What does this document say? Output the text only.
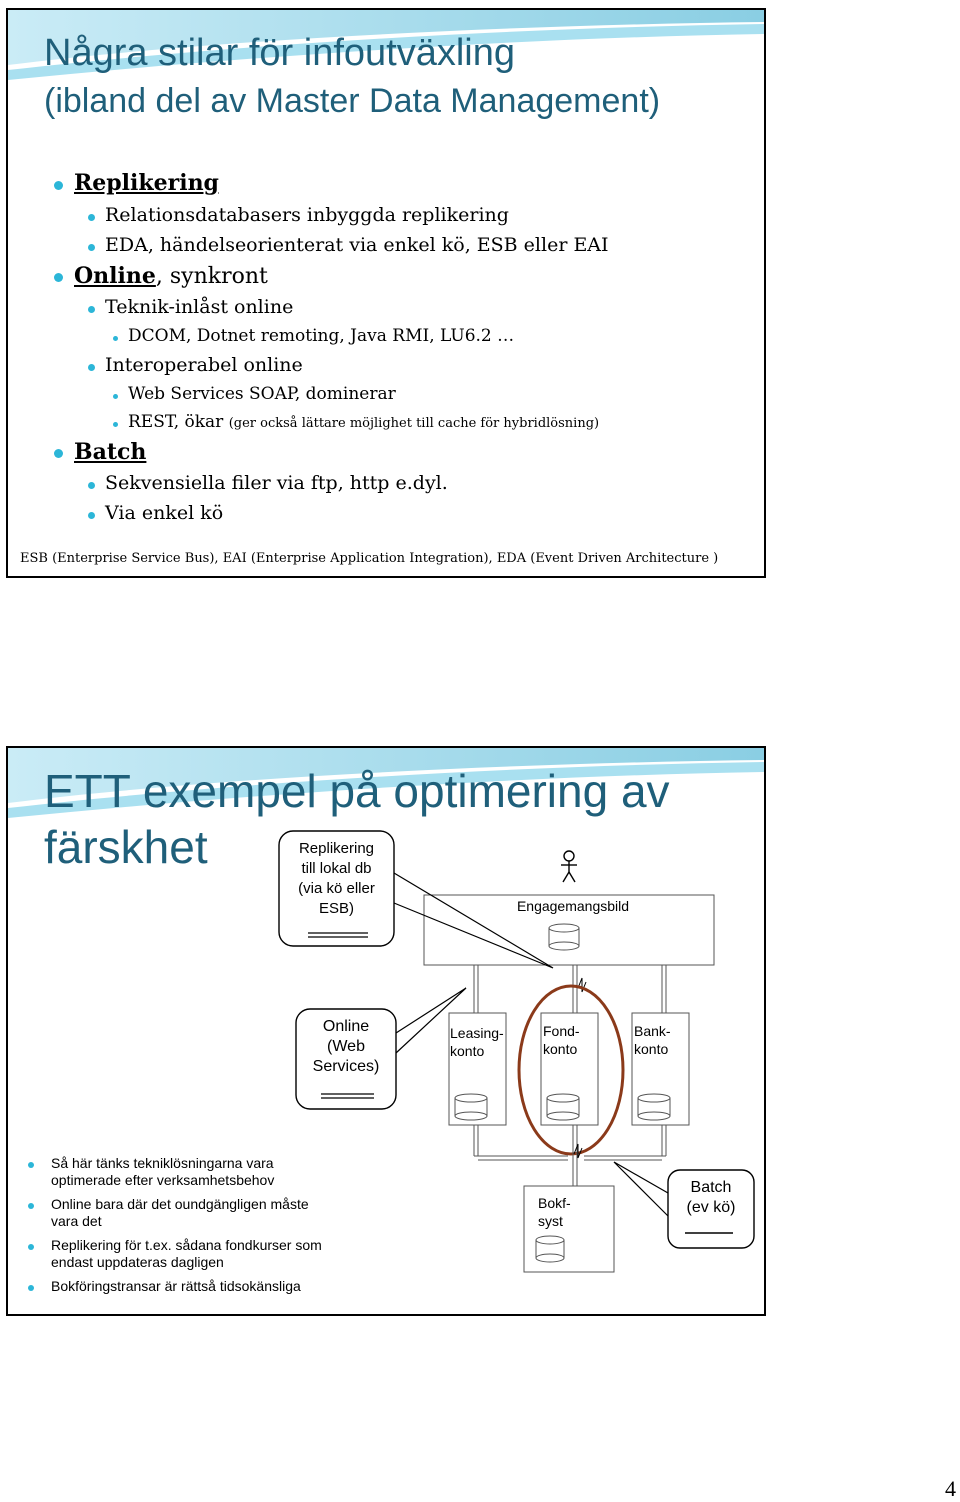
Några stilar för infoutväxling
(ibland del av Master Data Management)
Replikering
Relationsdatabasers inbyggda replikering
EDA, händelseorienterat via enkel kö, ESB eller EAI
Online, synkront
Teknik-inlåst online
DCOM, Dotnet remoting, Java RMI, LU6.2 …
Interoperabel online
Web Services SOAP, dominerar
REST, ökar (ger också lättare möjlighet till cache för hybridlösning)
Batch
Sekvensiella filer via ftp, http e.dyl.
Via enkel kö
ESB (Enterprise Service Bus), EAI (Enterprise Application Integration), EDA (Event Driven Architecture )
ETT exempel på optimering av
färskhet	Replikering
till lokal db
(via kö eller
ESB)	Engagemangsbild
Online
(Web
Services)
Leasing-
konto
Fond-
konto
Bank-
konto
Bokf-
syst
Batch
(ev kö)
Så här tänks tekniklösningarna vara
optimerade efter verksamhetsbehov
Online bara där det oundgängligen måste
vara det
Replikering för t.ex. sådana fondkurser som
endast uppdateras dagligen
Bokföringstransar är rättså tidsokänsliga
4
